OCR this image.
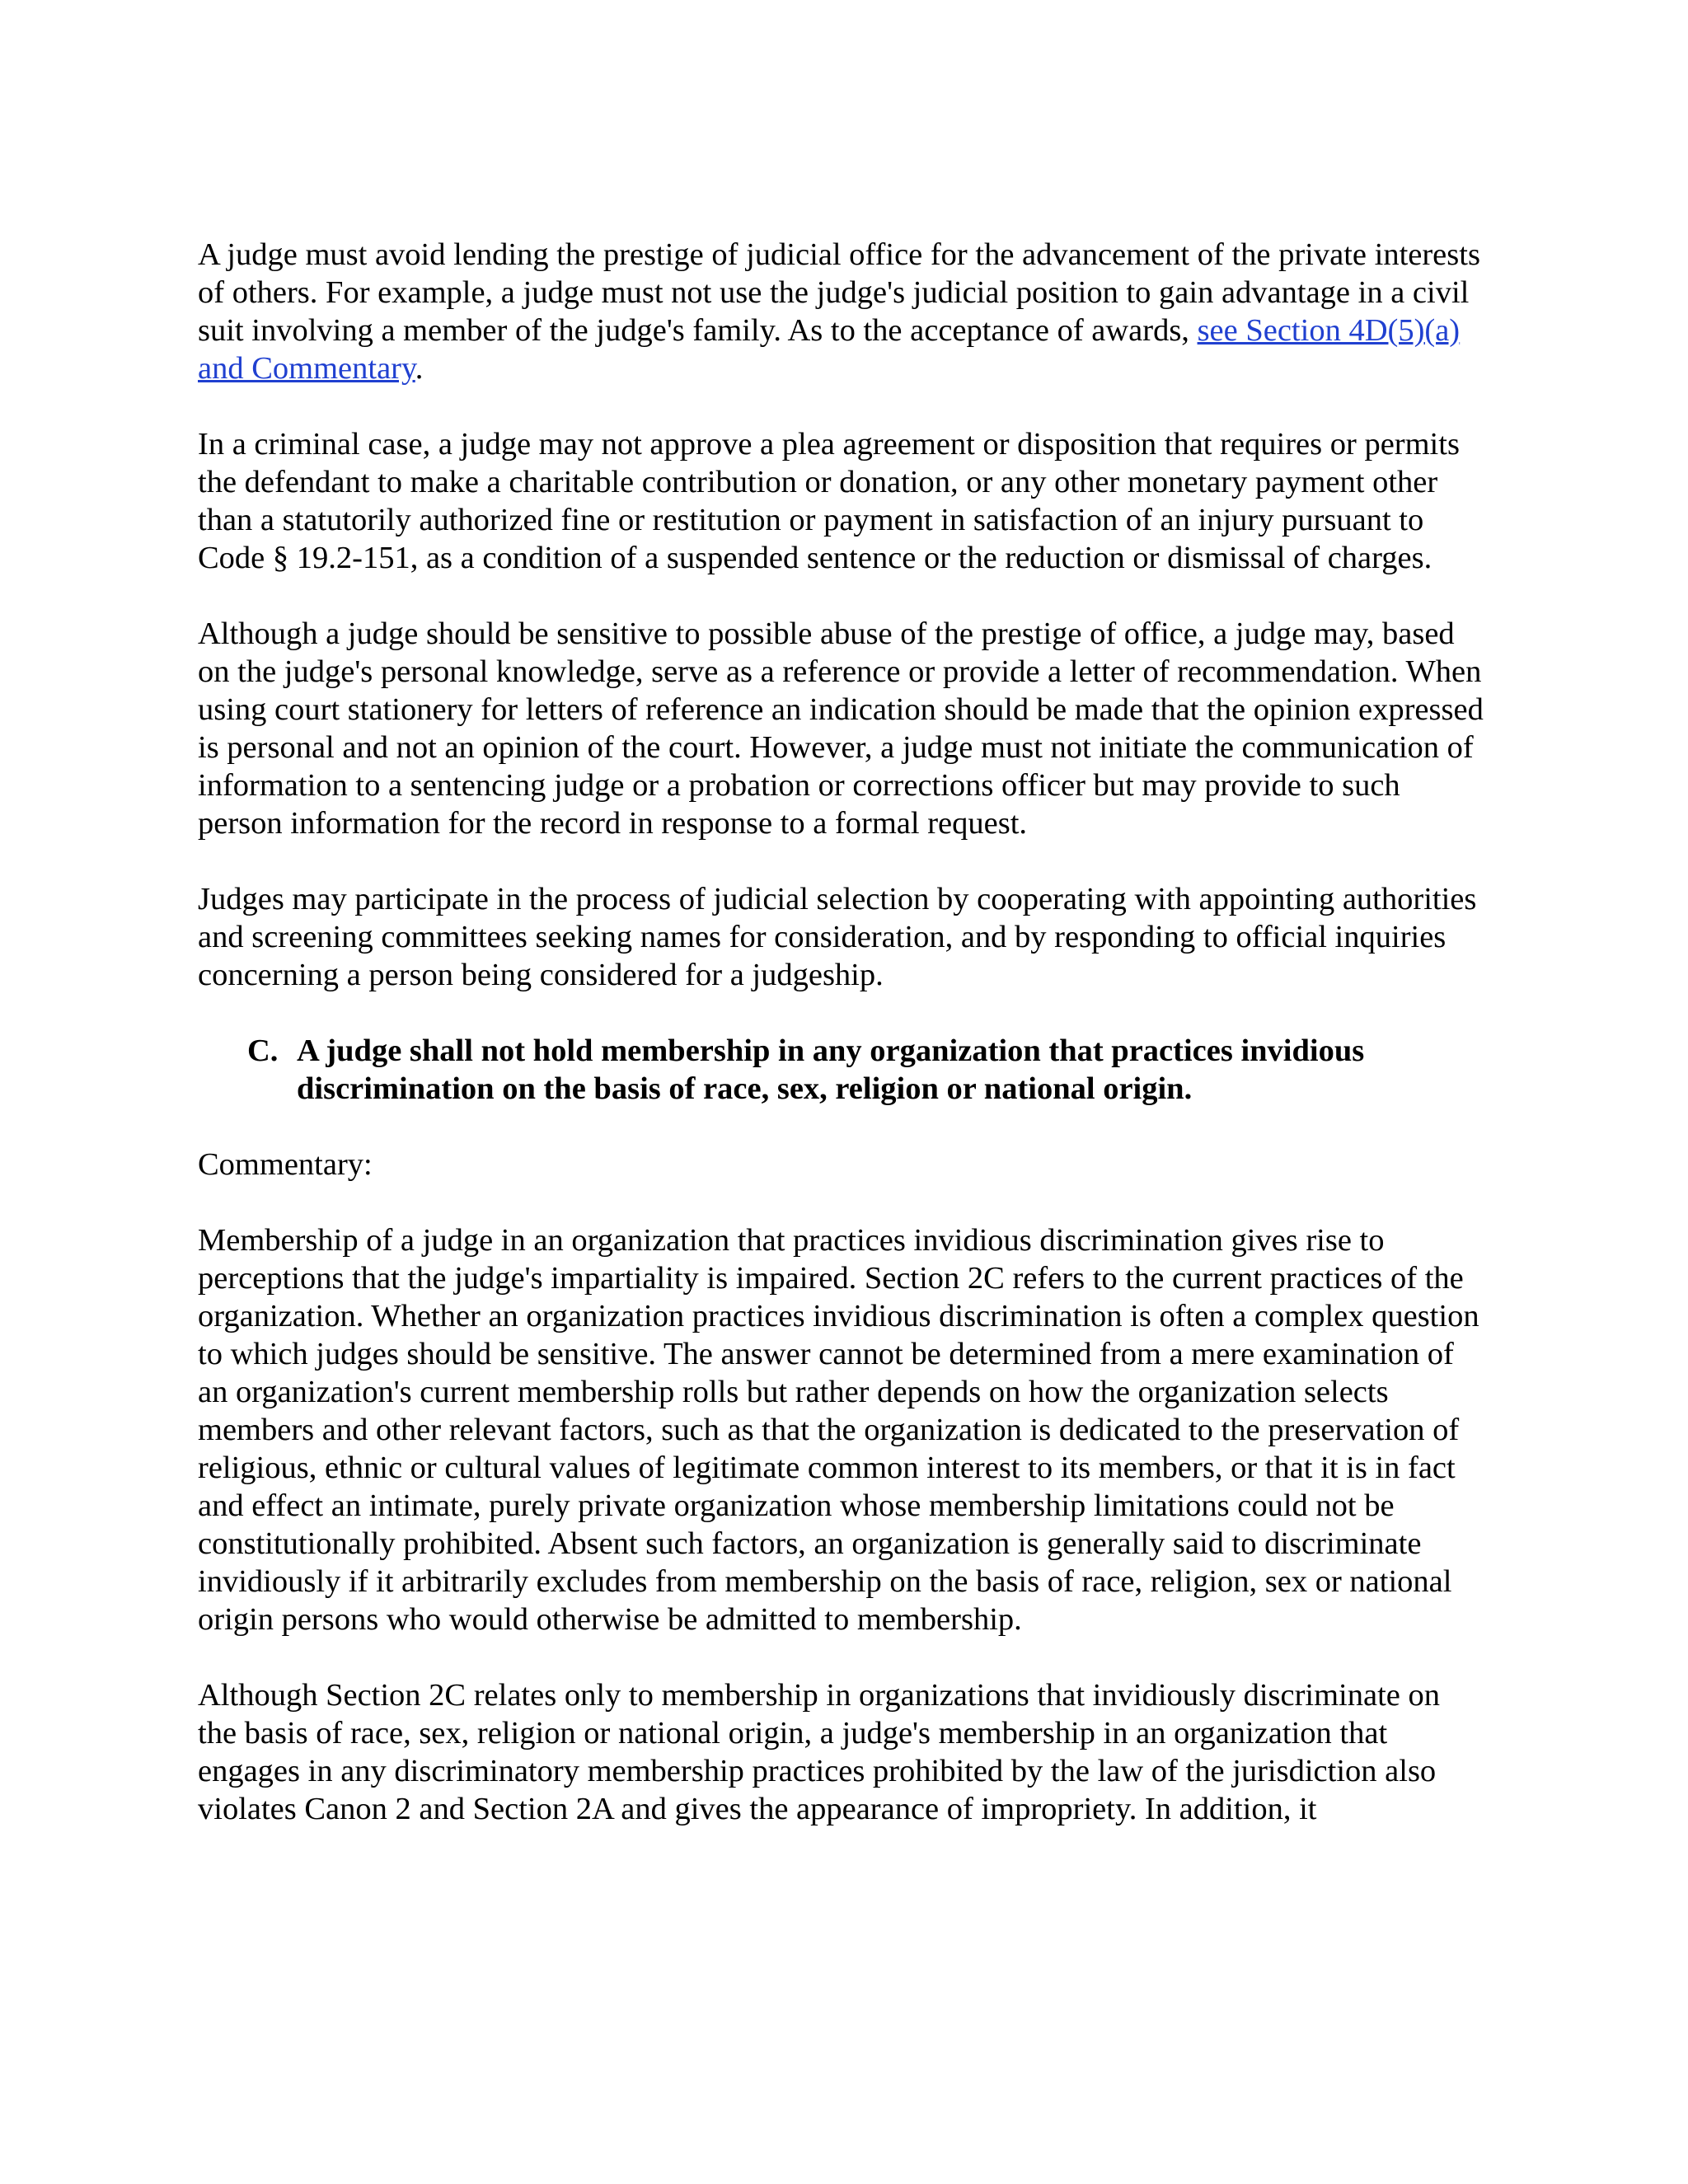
A judge must avoid lending the prestige of judicial office for the advancement of the private interests of others. For example, a judge must not use the judge's judicial position to gain advantage in a civil suit involving a member of the judge's family. As to the acceptance of awards, see Section 4D(5)(a) and Commentary.

In a criminal case, a judge may not approve a plea agreement or disposition that requires or permits the defendant to make a charitable contribution or donation, or any other monetary payment other than a statutorily authorized fine or restitution or payment in satisfaction of an injury pursuant to Code § 19.2-151, as a condition of a suspended sentence or the reduction or dismissal of charges.

Although a judge should be sensitive to possible abuse of the prestige of office, a judge may, based on the judge's personal knowledge, serve as a reference or provide a letter of recommendation. When using court stationery for letters of reference an indication should be made that the opinion expressed is personal and not an opinion of the court. However, a judge must not initiate the communication of information to a sentencing judge or a probation or corrections officer but may provide to such person information for the record in response to a formal request.

Judges may participate in the process of judicial selection by cooperating with appointing authorities and screening committees seeking names for consideration, and by responding to official inquiries concerning a person being considered for a judgeship.

C. A judge shall not hold membership in any organization that practices invidious discrimination on the basis of race, sex, religion or national origin.

Commentary:

Membership of a judge in an organization that practices invidious discrimination gives rise to perceptions that the judge's impartiality is impaired. Section 2C refers to the current practices of the organization. Whether an organization practices invidious discrimination is often a complex question to which judges should be sensitive. The answer cannot be determined from a mere examination of an organization's current membership rolls but rather depends on how the organization selects members and other relevant factors, such as that the organization is dedicated to the preservation of religious, ethnic or cultural values of legitimate common interest to its members, or that it is in fact and effect an intimate, purely private organization whose membership limitations could not be constitutionally prohibited. Absent such factors, an organization is generally said to discriminate invidiously if it arbitrarily excludes from membership on the basis of race, religion, sex or national origin persons who would otherwise be admitted to membership.

Although Section 2C relates only to membership in organizations that invidiously discriminate on the basis of race, sex, religion or national origin, a judge's membership in an organization that engages in any discriminatory membership practices prohibited by the law of the jurisdiction also violates Canon 2 and Section 2A and gives the appearance of impropriety. In addition, it
